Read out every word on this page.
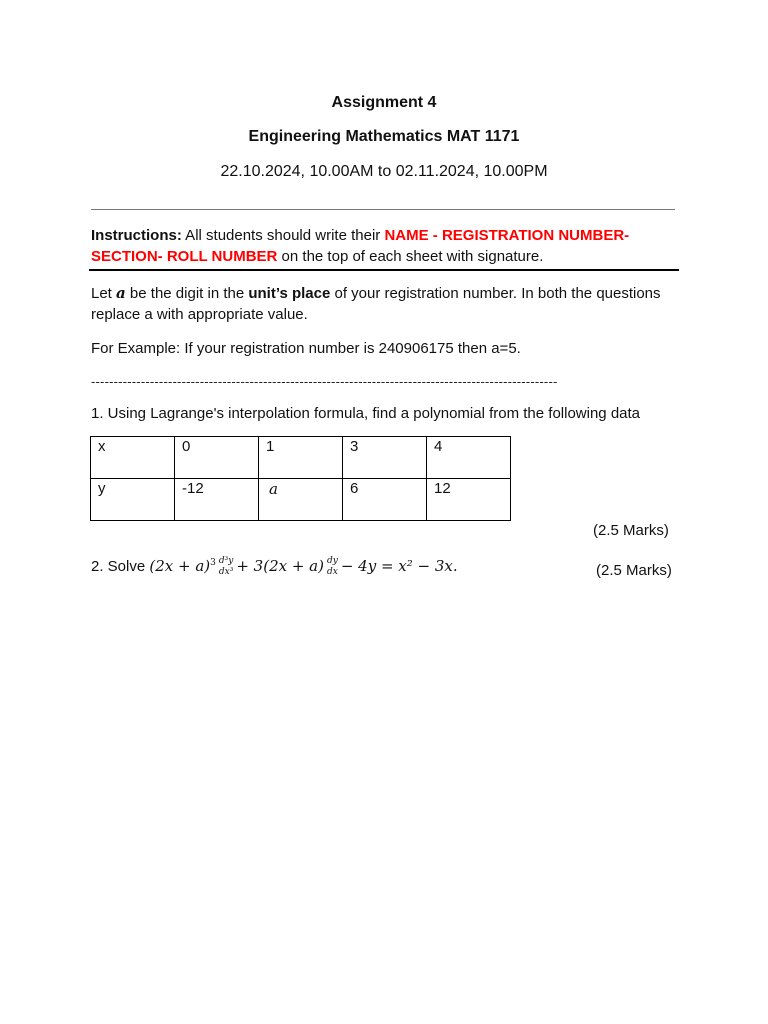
Assignment 4
Engineering Mathematics MAT 1171
22.10.2024, 10.00AM to 02.11.2024, 10.00PM
Instructions: All students should write their NAME - REGISTRATION NUMBER- SECTION- ROLL NUMBER on the top of each sheet with signature.
Let a be the digit in the unit’s place of your registration number. In both the questions replace a with appropriate value.
For Example: If your registration number is 240906175 then a=5.
-------------------------------------------------------------------------------------------------------
1. Using Lagrange's interpolation formula, find a polynomial from the following data
x	0	1	3	4
y	-12	a	6	12
(2.5 Marks)
2. Solve $(2x + a)^3$ d³y
dx³ + 3(2x + a) dy
dx − 4y = x² − 3x.	(2.5 Marks)
